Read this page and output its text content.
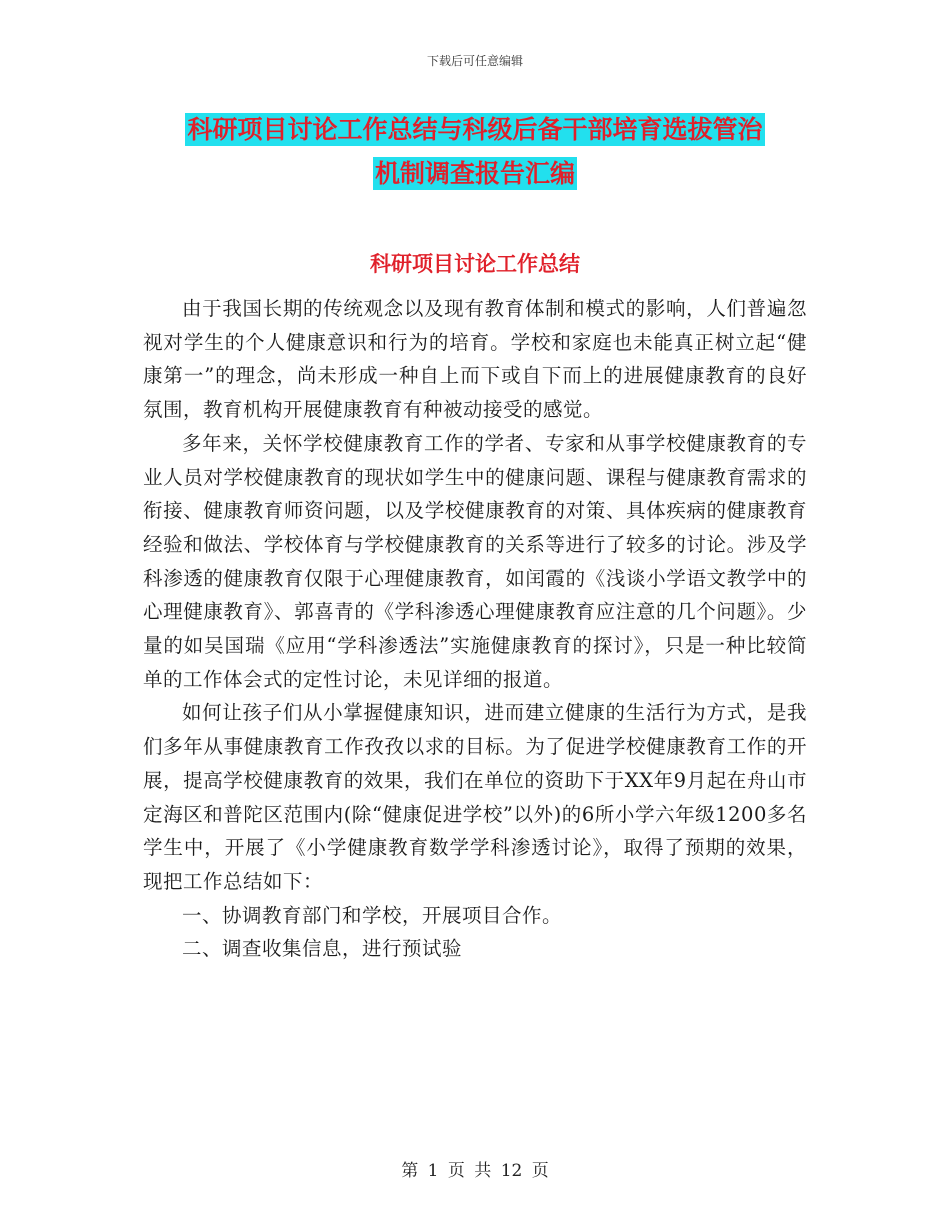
下载后可任意编辑
科研项目讨论工作总结与科级后备干部培育选拔管治
机制调查报告汇编
科研项目讨论工作总结

由于我国长期的传统观念以及现有教育体制和模式的影响，人们普遍忽视对学生的个人健康意识和行为的培育。学校和家庭也未能真正树立起“健康第一”的理念，尚未形成一种自上而下或自下而上的进展健康教育的良好氛围，教育机构开展健康教育有种被动接受的感觉。

多年来，关怀学校健康教育工作的学者、专家和从事学校健康教育的专业人员对学校健康教育的现状如学生中的健康问题、课程与健康教育需求的衔接、健康教育师资问题，以及学校健康教育的对策、具体疾病的健康教育经验和做法、学校体育与学校健康教育的关系等进行了较多的讨论。涉及学科渗透的健康教育仅限于心理健康教育，如闰霞的《浅谈小学语文教学中的心理健康教育》、郭喜青的《学科渗透心理健康教育应注意的几个问题》。少量的如吴国瑞《应用“学科渗透法”实施健康教育的探讨》，只是一种比较简单的工作体会式的定性讨论，未见详细的报道。

如何让孩子们从小掌握健康知识，进而建立健康的生活行为方式，是我们多年从事健康教育工作孜孜以求的目标。为了促进学校健康教育工作的开展，提高学校健康教育的效果，我们在单位的资助下于XX年9月起在舟山市定海区和普陀区范围内(除“健康促进学校”以外)的6所小学六年级1200多名学生中，开展了《小学健康教育数学学科渗透讨论》，取得了预期的效果，现把工作总结如下：

一、协调教育部门和学校，开展项目合作。

二、调查收集信息，进行预试验

第 1 页 共 12 页
